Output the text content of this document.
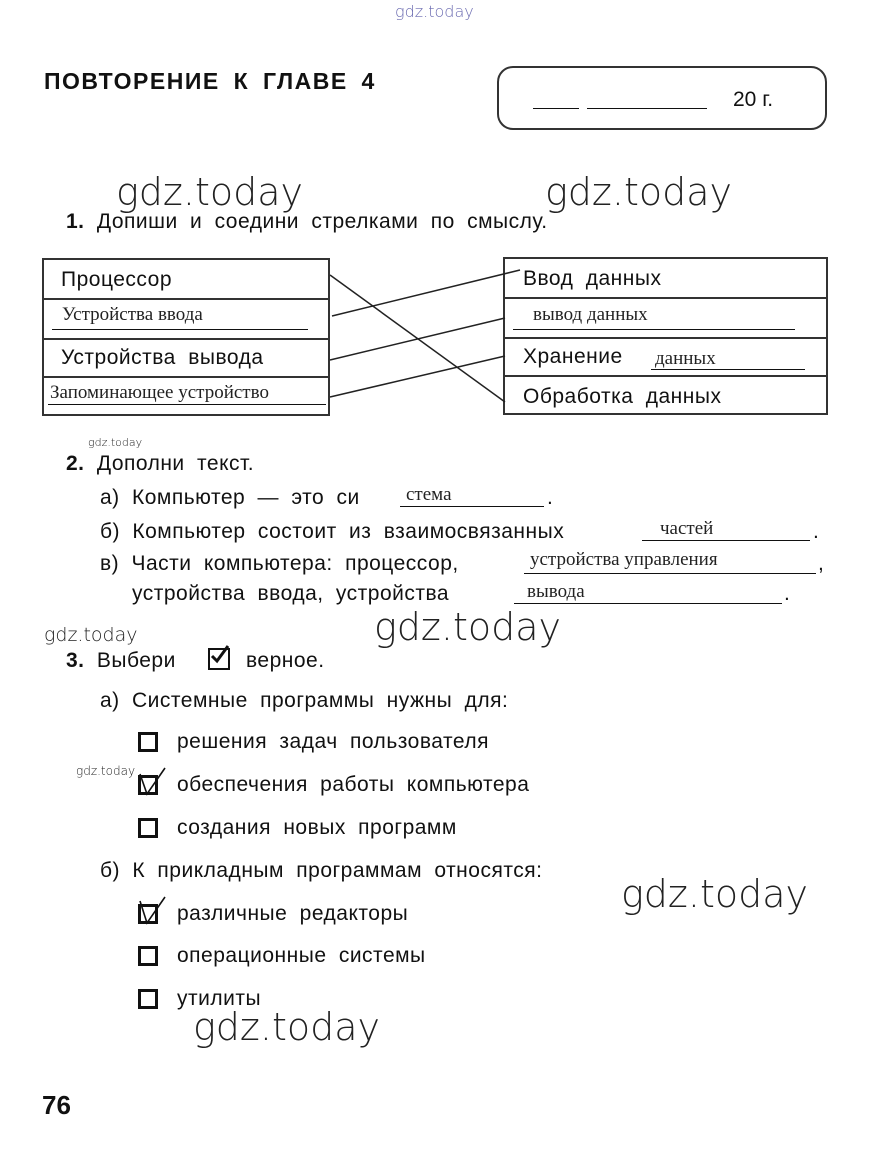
gdz.today
gdz.today	gdz.today
gdz.today
gdz.today	gdz.today
gdz.today
gdz.today
gdz.today
ПОВТОРЕНИЕ К ГЛАВЕ 4
20 г.
1. Допиши и соедини стрелками по смыслу.
Процессор
Устройства ввода
Устройства вывода
Запоминающее устройство
Ввод данных
вывод данных
Хранение данных
Обработка данных
2. Дополни текст.
а) Компьютер — это си стема	.
б) Компьютер состоит из взаимосвязанных	частей	.
в) Части компьютера: процессор,	устройства управления	,
устройства ввода, устройства	вывода	.
3. Выбери	верное.
а) Системные программы нужны для:
решения задач пользователя
обеспечения работы компьютера
создания новых программ
б) К прикладным программам относятся:
различные редакторы
операционные системы
утилиты
76
